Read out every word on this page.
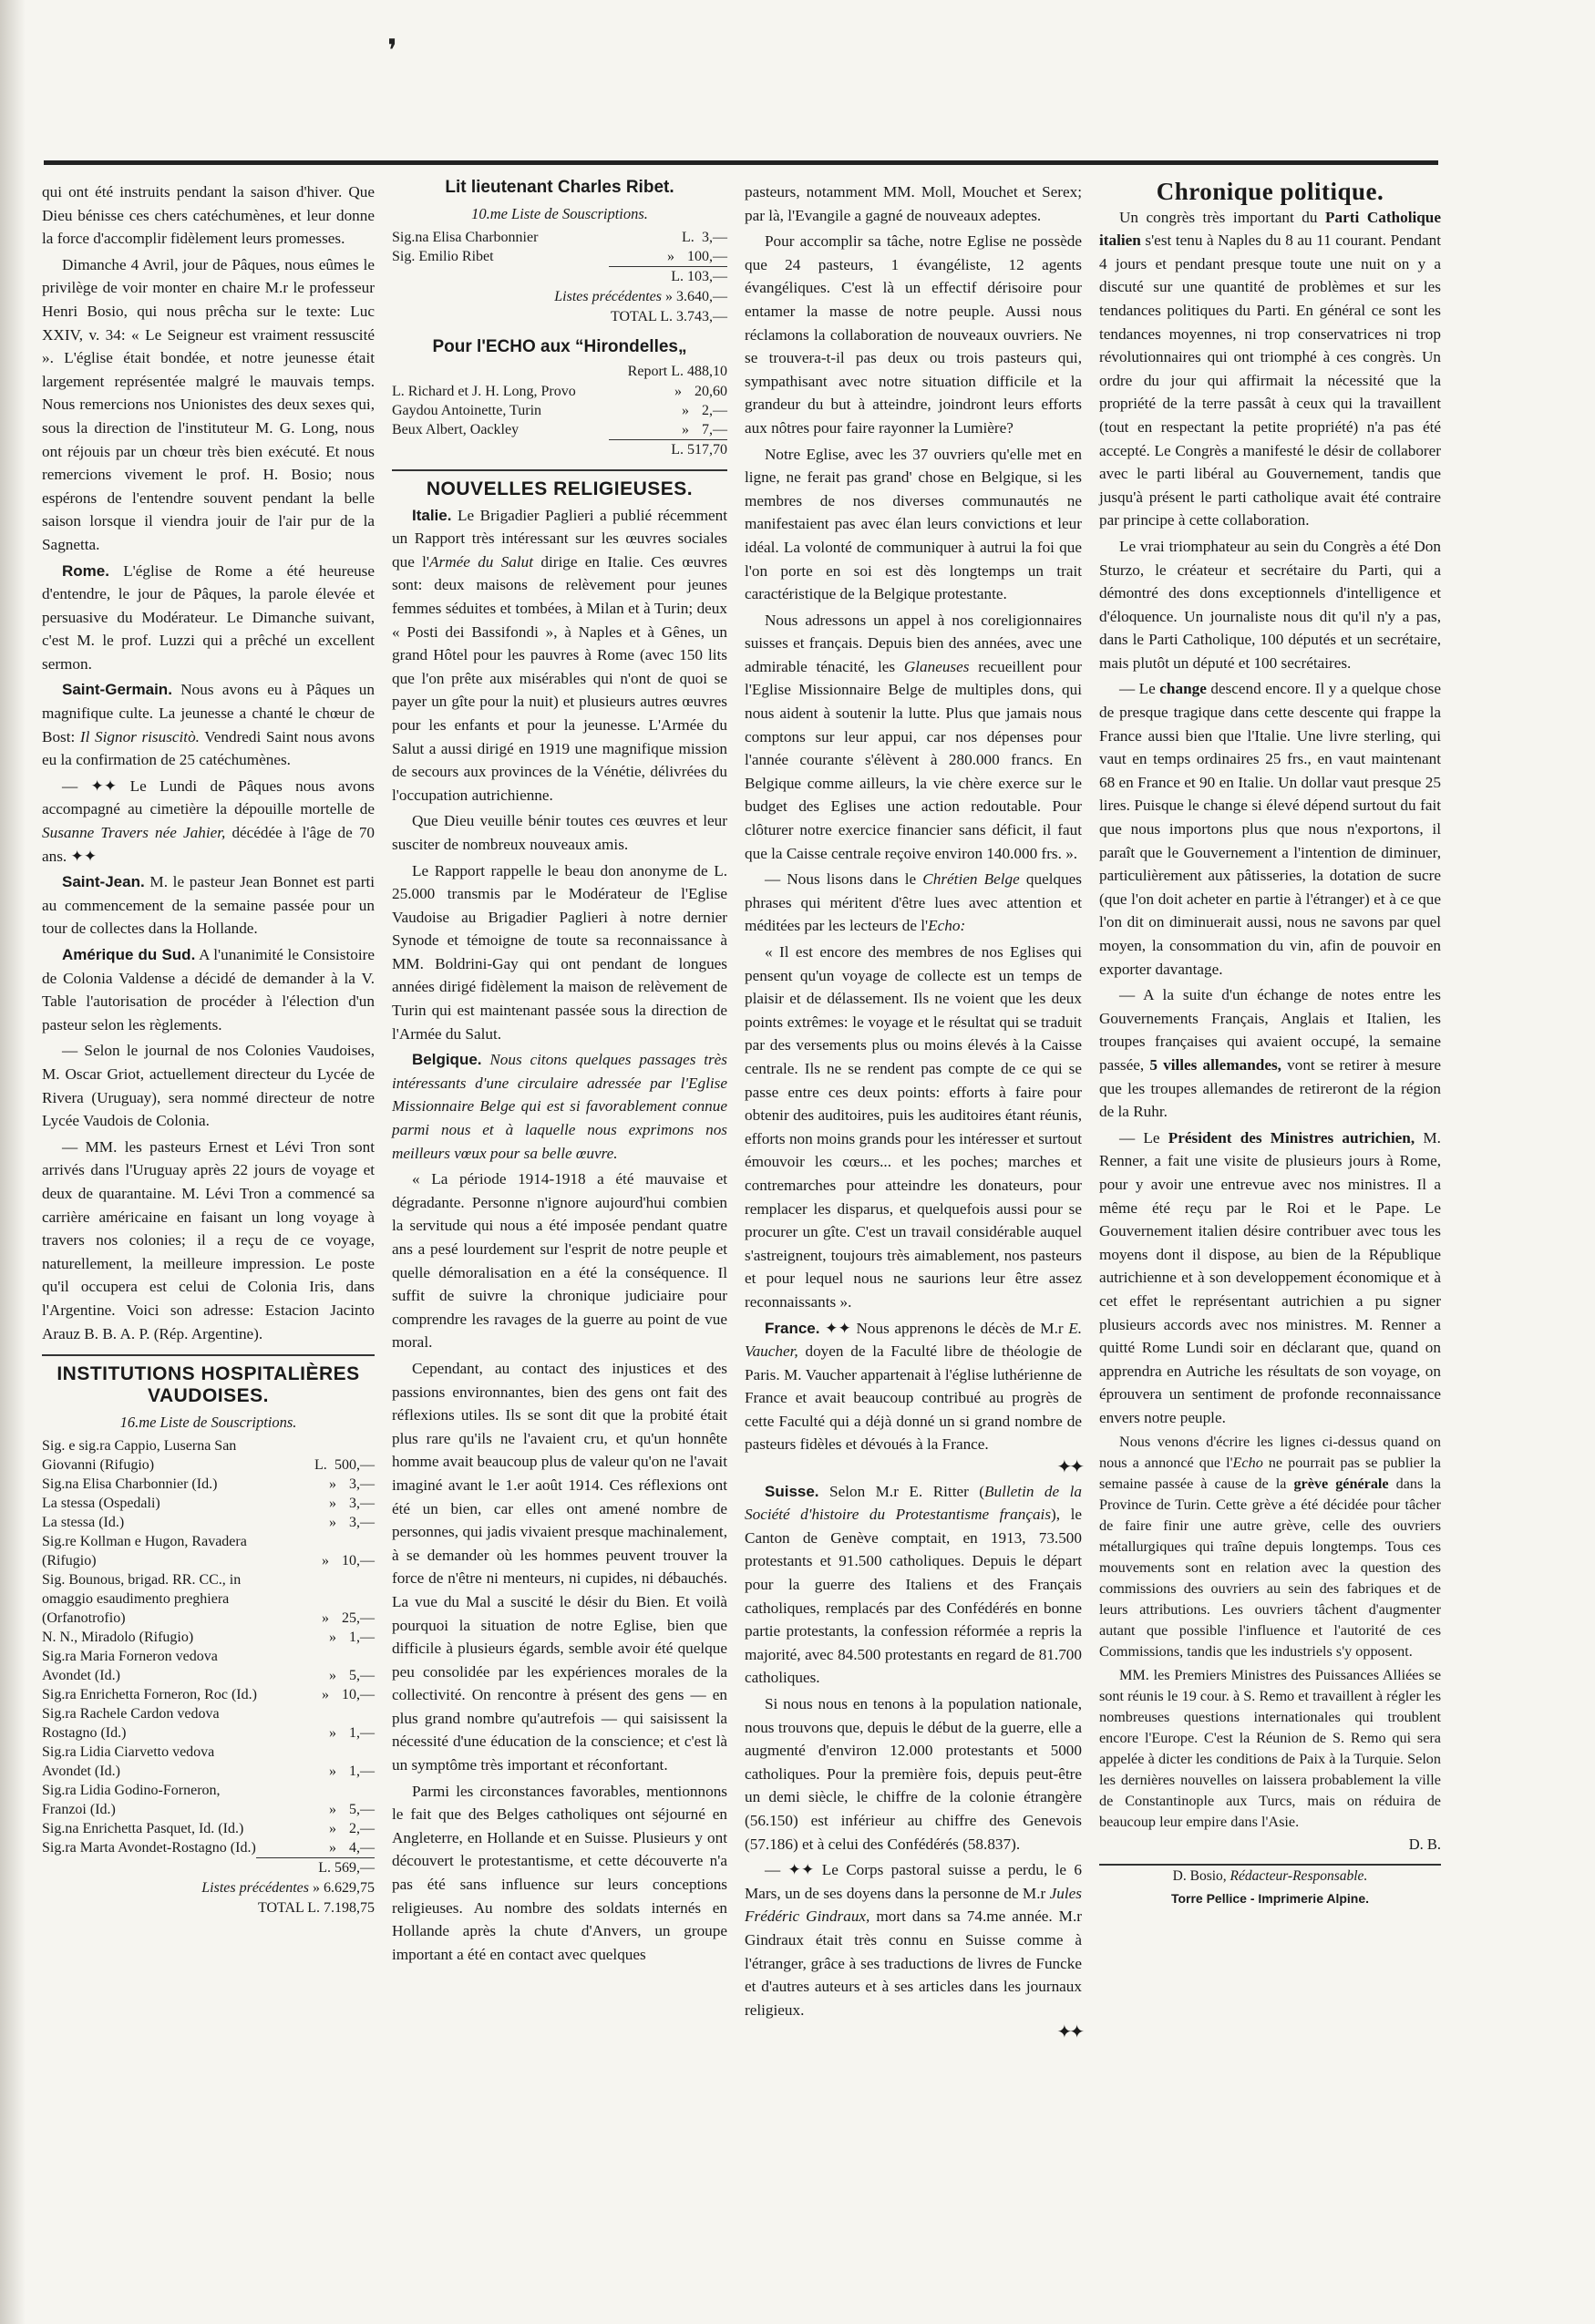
❜

qui ont été instruits pendant la saison d'hiver. Que Dieu bénisse ces chers catéchumènes, et leur donne la force d'accomplir fidèlement leurs promesses.

Dimanche 4 Avril, jour de Pâques, nous eûmes le privilège de voir monter en chaire M.r le professeur Henri Bosio, qui nous prêcha sur le texte: Luc XXIV, v. 34: « Le Seigneur est vraiment ressuscité ». L'église était bondée, et notre jeunesse était largement représentée malgré le mauvais temps. Nous remercions nos Unionistes des deux sexes qui, sous la direction de l'instituteur M. G. Long, nous ont réjouis par un chœur très bien exécuté. Et nous remercions vivement le prof. H. Bosio; nous espérons de l'entendre souvent pendant la belle saison lorsque il viendra jouir de l'air pur de la Sagnetta.

Rome. L'église de Rome a été heureuse d'entendre, le jour de Pâques, la parole élevée et persuasive du Modérateur. Le Dimanche suivant, c'est M. le prof. Luzzi qui a prêché un excellent sermon.

Saint-Germain. Nous avons eu à Pâques un magnifique culte. La jeunesse a chanté le chœur de Bost: Il Signor risuscitò. Vendredi Saint nous avons eu la confirmation de 25 catéchumènes.

— ✦✦ Le Lundi de Pâques nous avons accompagné au cimetière la dépouille mortelle de Susanne Travers née Jahier, décédée à l'âge de 70 ans. ✦✦

Saint-Jean. M. le pasteur Jean Bonnet est parti au commencement de la semaine passée pour un tour de collectes dans la Hollande.

Amérique du Sud. A l'unanimité le Consistoire de Colonia Valdense a décidé de demander à la V. Table l'autorisation de procéder à l'élection d'un pasteur selon les règlements.

— Selon le journal de nos Colonies Vaudoises, M. Oscar Griot, actuellement directeur du Lycée de Rivera (Uruguay), sera nommé directeur de notre Lycée Vaudois de Colonia.

— MM. les pasteurs Ernest et Lévi Tron sont arrivés dans l'Uruguay après 22 jours de voyage et deux de quarantaine. M. Lévi Tron a commencé sa carrière américaine en faisant un long voyage à travers nos colonies; il a reçu de ce voyage, naturellement, la meilleure impression. Le poste qu'il occupera est celui de Colonia Iris, dans l'Argentine. Voici son adresse: Estacion Jacinto Arauz B. B. A. P. (Rép. Argentine).

INSTITUTIONS HOSPITALIÈRES VAUDOISES.
16.me Liste de Souscriptions.
Sig. e sig.ra Cappio, Luserna San Giovanni (Rifugio)	L. 500,—
Sig.na Elisa Charbonnier (Id.)	» 3,—
La stessa (Ospedali)	» 3,—
La stessa (Id.)	» 3,—
Sig.re Kollman e Hugon, Ravadera (Rifugio)	» 10,—
Sig. Bounous, brigad. RR. CC., in omaggio esaudimento preghiera (Orfanotrofio)	» 25,—
N. N., Miradolo (Rifugio)	» 1,—
Sig.ra Maria Forneron vedova Avondet (Id.)	» 5,—
Sig.ra Enrichetta Forneron, Roc (Id.)	» 10,—
Sig.ra Rachele Cardon vedova Rostagno (Id.)	» 1,—
Sig.ra Lidia Ciarvetto vedova Avondet (Id.)	» 1,—
Sig.ra Lidia Godino-Forneron, Franzoi (Id.)	» 5,—
Sig.na Enrichetta Pasquet, Id. (Id.)	» 2,—
Sig.ra Marta Avondet-Rostagno (Id.)	» 4,—
L. 569,—
Listes précédentes » 6.629,75
TOTAL L. 7.198,75
Lit lieutenant Charles Ribet.
10.me Liste de Souscriptions.
Sig.na Elisa Charbonnier	L. 3,—
Sig. Emilio Ribet	» 100,—
L. 103,—
Listes précédentes » 3.640,—
TOTAL L. 3.743,—
Pour l'ECHO aux “Hirondelles„
Report L. 488,10
L. Richard et J. H. Long, Provo	» 20,60
Gaydou Antoinette, Turin	» 2,—
Beux Albert, Oackley	» 7,—
L. 517,70
NOUVELLES RELIGIEUSES.

Italie. Le Brigadier Paglieri a publié récemment un Rapport très intéressant sur les œuvres sociales que l'Armée du Salut dirige en Italie. Ces œuvres sont: deux maisons de relèvement pour jeunes femmes séduites et tombées, à Milan et à Turin; deux « Posti dei Bassifondi », à Naples et à Gênes, un grand Hôtel pour les pauvres à Rome (avec 150 lits que l'on prête aux misérables qui n'ont de quoi se payer un gîte pour la nuit) et plusieurs autres œuvres pour les enfants et pour la jeunesse. L'Armée du Salut a aussi dirigé en 1919 une magnifique mission de secours aux provinces de la Vénétie, délivrées du l'occupation autrichienne.

Que Dieu veuille bénir toutes ces œuvres et leur susciter de nombreux nouveaux amis.

Le Rapport rappelle le beau don anonyme de L. 25.000 transmis par le Modérateur de l'Eglise Vaudoise au Brigadier Paglieri à notre dernier Synode et témoigne de toute sa reconnaissance à MM. Boldrini-Gay qui ont pendant de longues années dirigé fidèlement la maison de relèvement de Turin qui est maintenant passée sous la direction de l'Armée du Salut.

Belgique. Nous citons quelques passages très intéressants d'une circulaire adressée par l'Eglise Missionnaire Belge qui est si favorablement connue parmi nous et à laquelle nous exprimons nos meilleurs vœux pour sa belle œuvre.

« La période 1914-1918 a été mauvaise et dégradante. Personne n'ignore aujourd'hui combien la servitude qui nous a été imposée pendant quatre ans a pesé lourdement sur l'esprit de notre peuple et quelle démoralisation en a été la conséquence. Il suffit de suivre la chronique judiciaire pour comprendre les ravages de la guerre au point de vue moral.

Cependant, au contact des injustices et des passions environnantes, bien des gens ont fait des réflexions utiles. Ils se sont dit que la probité était plus rare qu'ils ne l'avaient cru, et qu'un honnête homme avait beaucoup plus de valeur qu'on ne l'avait imaginé avant le 1.er août 1914. Ces réflexions ont été un bien, car elles ont amené nombre de personnes, qui jadis vivaient presque machinalement, à se demander où les hommes peuvent trouver la force de n'être ni menteurs, ni cupides, ni débauchés. La vue du Mal a suscité le désir du Bien. Et voilà pourquoi la situation de notre Eglise, bien que difficile à plusieurs égards, semble avoir été quelque peu consolidée par les expériences morales de la collectivité. On rencontre à présent des gens — en plus grand nombre qu'autrefois — qui saisissent la nécessité d'une éducation de la conscience; et c'est là un symptôme très important et réconfortant.

Parmi les circonstances favorables, mentionnons le fait que des Belges catholiques ont séjourné en Angleterre, en Hollande et en Suisse. Plusieurs y ont découvert le protestantisme, et cette découverte n'a pas été sans influence sur leurs conceptions religieuses. Au nombre des soldats internés en Hollande après la chute d'Anvers, un groupe important a été en contact avec quelques

pasteurs, notamment MM. Moll, Mouchet et Serex; par là, l'Evangile a gagné de nouveaux adeptes.

Pour accomplir sa tâche, notre Eglise ne possède que 24 pasteurs, 1 évangéliste, 12 agents évangéliques. C'est là un effectif dérisoire pour entamer la masse de notre peuple. Aussi nous réclamons la collaboration de nouveaux ouvriers. Ne se trouvera-t-il pas deux ou trois pasteurs qui, sympathisant avec notre situation difficile et la grandeur du but à atteindre, joindront leurs efforts aux nôtres pour faire rayonner la Lumière?

Notre Eglise, avec les 37 ouvriers qu'elle met en ligne, ne ferait pas grand' chose en Belgique, si les membres de nos diverses communautés ne manifestaient pas avec élan leurs convictions et leur idéal. La volonté de communiquer à autrui la foi que l'on porte en soi est dès longtemps un trait caractéristique de la Belgique protestante.

Nous adressons un appel à nos coreligionnaires suisses et français. Depuis bien des années, avec une admirable ténacité, les Glaneuses recueillent pour l'Eglise Missionnaire Belge de multiples dons, qui nous aident à soutenir la lutte. Plus que jamais nous comptons sur leur appui, car nos dépenses pour l'année courante s'élèvent à 280.000 francs. En Belgique comme ailleurs, la vie chère exerce sur le budget des Eglises une action redoutable. Pour clôturer notre exercice financier sans déficit, il faut que la Caisse centrale reçoive environ 140.000 frs. ».

— Nous lisons dans le Chrétien Belge quelques phrases qui méritent d'être lues avec attention et méditées par les lecteurs de l'Echo:

« Il est encore des membres de nos Eglises qui pensent qu'un voyage de collecte est un temps de plaisir et de délassement. Ils ne voient que les deux points extrêmes: le voyage et le résultat qui se traduit par des versements plus ou moins élevés à la Caisse centrale. Ils ne se rendent pas compte de ce qui se passe entre ces deux points: efforts à faire pour obtenir des auditoires, puis les auditoires étant réunis, efforts non moins grands pour les intéresser et surtout émouvoir les cœurs... et les poches; marches et contremarches pour atteindre les donateurs, pour remplacer les disparus, et quelquefois aussi pour se procurer un gîte. C'est un travail considérable auquel s'astreignent, toujours très aimablement, nos pasteurs et pour lequel nous ne saurions leur être assez reconnaissants ».

France. ✦✦ Nous apprenons le décès de M.r E. Vaucher, doyen de la Faculté libre de théologie de Paris. M. Vaucher appartenait à l'église luthérienne de France et avait beaucoup contribué au progrès de cette Faculté qui a déjà donné un si grand nombre de pasteurs fidèles et dévoués à la France.

✦✦

Suisse. Selon M.r E. Ritter (Bulletin de la Société d'histoire du Protestantisme français), le Canton de Genève comptait, en 1913, 73.500 protestants et 91.500 catholiques. Depuis le départ pour la guerre des Italiens et des Français catholiques, remplacés par des Confédérés en bonne partie protestants, la confession réformée a repris la majorité, avec 84.500 protestants en regard de 81.700 catholiques.

Si nous nous en tenons à la population nationale, nous trouvons que, depuis le début de la guerre, elle a augmenté d'environ 12.000 protestants et 5000 catholiques. Pour la première fois, depuis peut-être un demi siècle, le chiffre de la colonie étrangère (56.150) est inférieur au chiffre des Genevois (57.186) et à celui des Confédérés (58.837).

— ✦✦ Le Corps pastoral suisse a perdu, le 6 Mars, un de ses doyens dans la personne de M.r Jules Frédéric Gindraux, mort dans sa 74.me année. M.r Gindraux était très connu en Suisse comme à l'étranger, grâce à ses traductions de livres de Funcke et d'autres auteurs et à ses articles dans les journaux religieux.

✦✦
Chronique politique.

Un congrès très important du Parti Catholique italien s'est tenu à Naples du 8 au 11 courant. Pendant 4 jours et pendant presque toute une nuit on y a discuté sur une quantité de problèmes et sur les tendances politiques du Parti. En général ce sont les tendances moyennes, ni trop conservatrices ni trop révolutionnaires qui ont triomphé à ces congrès. Un ordre du jour qui affirmait la nécessité que la propriété de la terre passât à ceux qui la travaillent (tout en respectant la petite propriété) n'a pas été accepté. Le Congrès a manifesté le désir de collaborer avec le parti libéral au Gouvernement, tandis que jusqu'à présent le parti catholique avait été contraire par principe à cette collaboration.

Le vrai triomphateur au sein du Congrès a été Don Sturzo, le créateur et secrétaire du Parti, qui a démontré des dons exceptionnels d'intelligence et d'éloquence. Un journaliste nous dit qu'il n'y a pas, dans le Parti Catholique, 100 députés et un secrétaire, mais plutôt un député et 100 secrétaires.

— Le change descend encore. Il y a quelque chose de presque tragique dans cette descente qui frappe la France aussi bien que l'Italie. Une livre sterling, qui vaut en temps ordinaires 25 frs., en vaut maintenant 68 en France et 90 en Italie. Un dollar vaut presque 25 lires. Puisque le change si élevé dépend surtout du fait que nous importons plus que nous n'exportons, il paraît que le Gouvernement a l'intention de diminuer, particulièrement aux pâtisseries, la dotation de sucre (que l'on doit acheter en partie à l'étranger) et à ce que l'on dit on diminuerait aussi, nous ne savons par quel moyen, la consommation du vin, afin de pouvoir en exporter davantage.

— A la suite d'un échange de notes entre les Gouvernements Français, Anglais et Italien, les troupes françaises qui avaient occupé, la semaine passée, 5 villes allemandes, vont se retirer à mesure que les troupes allemandes de retireront de la région de la Ruhr.

— Le Président des Ministres autrichien, M. Renner, a fait une visite de plusieurs jours à Rome, pour y avoir une entrevue avec nos ministres. Il a même été reçu par le Roi et le Pape. Le Gouvernement italien désire contribuer avec tous les moyens dont il dispose, au bien de la République autrichienne et à son developpement économique et à cet effet le représentant autrichien a pu signer plusieurs accords avec nos ministres. M. Renner a quitté Rome Lundi soir en déclarant que, quand on apprendra en Autriche les résultats de son voyage, on éprouvera un sentiment de profonde reconnaissance envers notre peuple.

Nous venons d'écrire les lignes ci-dessus quand on nous a annoncé que l'Echo ne pourrait pas se publier la semaine passée à cause de la grève générale dans la Province de Turin. Cette grève a été décidée pour tâcher de faire finir une autre grève, celle des ouvriers métallurgiques qui traîne depuis longtemps. Tous ces mouvements sont en relation avec la question des commissions des ouvriers au sein des fabriques et de leurs attributions. Les ouvriers tâchent d'augmenter autant que possible l'influence et l'autorité de ces Commissions, tandis que les industriels s'y opposent.

MM. les Premiers Ministres des Puissances Alliées se sont réunis le 19 cour. à S. Remo et travaillent à régler les nombreuses questions internationales qui troublent encore l'Europe. C'est la Réunion de S. Remo qui sera appelée à dicter les conditions de Paix à la Turquie. Selon les dernières nouvelles on laissera probablement la ville de Constantinople aux Turcs, mais on réduira de beaucoup leur empire dans l'Asie.

D. B.
D. Bosio, Rédacteur-Responsable.
Torre Pellice - Imprimerie Alpine.
